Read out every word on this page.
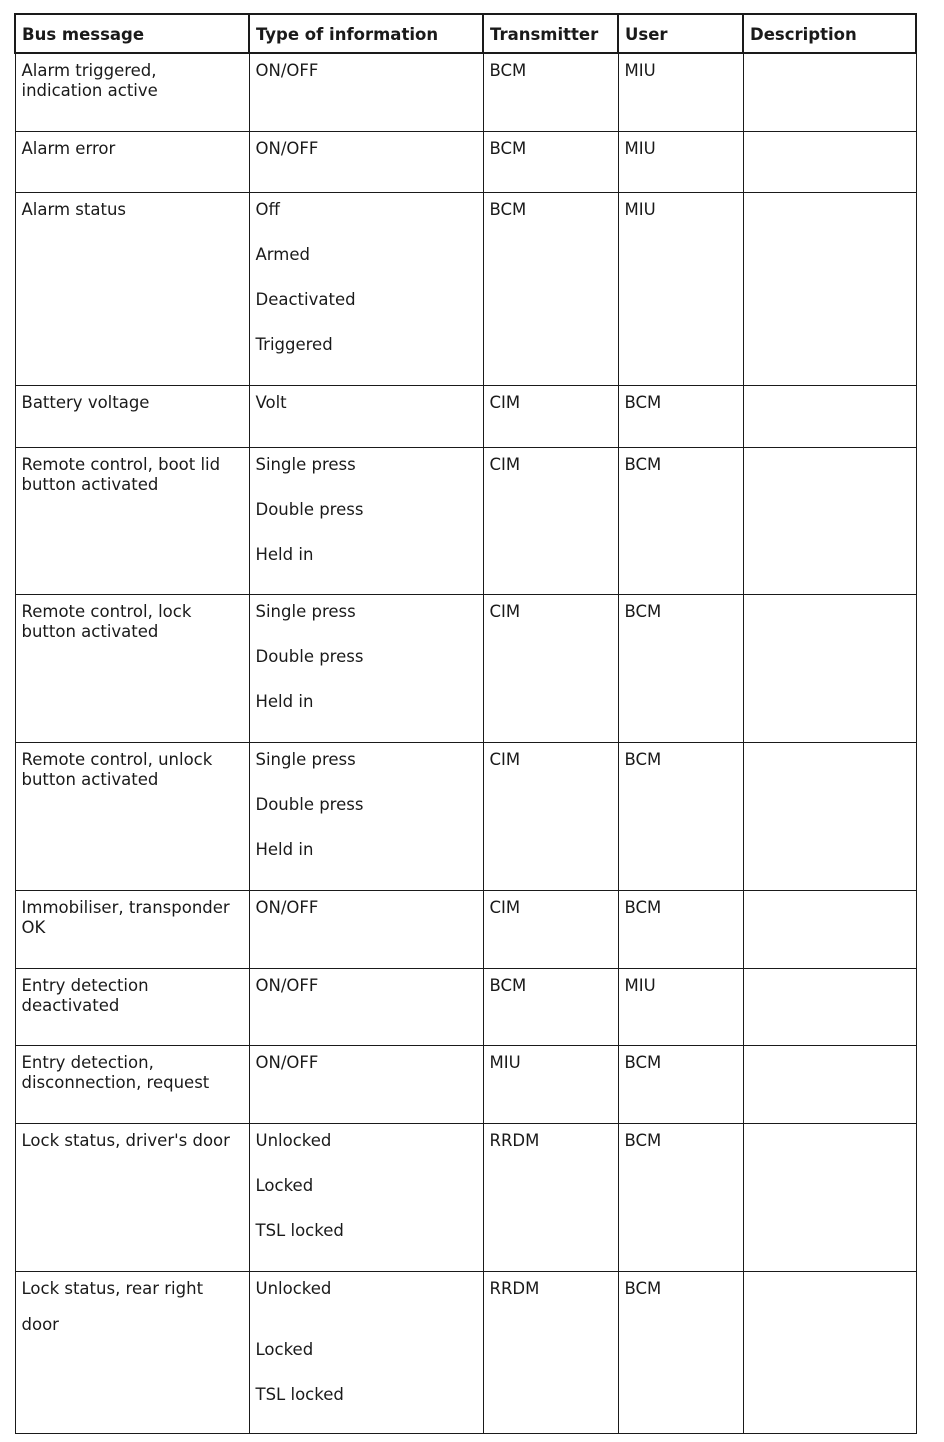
Bus message	Type of information	Transmitter	User	Description

Alarm triggered, indication active	ON/OFF	BCM	MIU	
Alarm error	ON/OFF	BCM	MIU	
Alarm status	Off
Armed
Deactivated
Triggered	BCM	MIU	
Battery voltage	Volt	CIM	BCM	

Remote control, boot lid button activated	Single press
Double press
Held in	CIM	BCM	

Remote control, lock button activated	Single press
Double press
Held in	CIM	BCM	

Remote control, unlock button activated	Single press
Double press
Held in	CIM	BCM	

Immobiliser, transponder OK	ON/OFF	CIM	BCM	

Entry detection deactivated	ON/OFF	BCM	MIU	

Entry detection, disconnection, request	ON/OFF	MIU	BCM	
Lock status, driver's door	Unlocked
Locked
TSL locked	RRDM	BCM	

Lock status, rear right door	Unlocked
Locked
TSL locked	RRDM	BCM	
